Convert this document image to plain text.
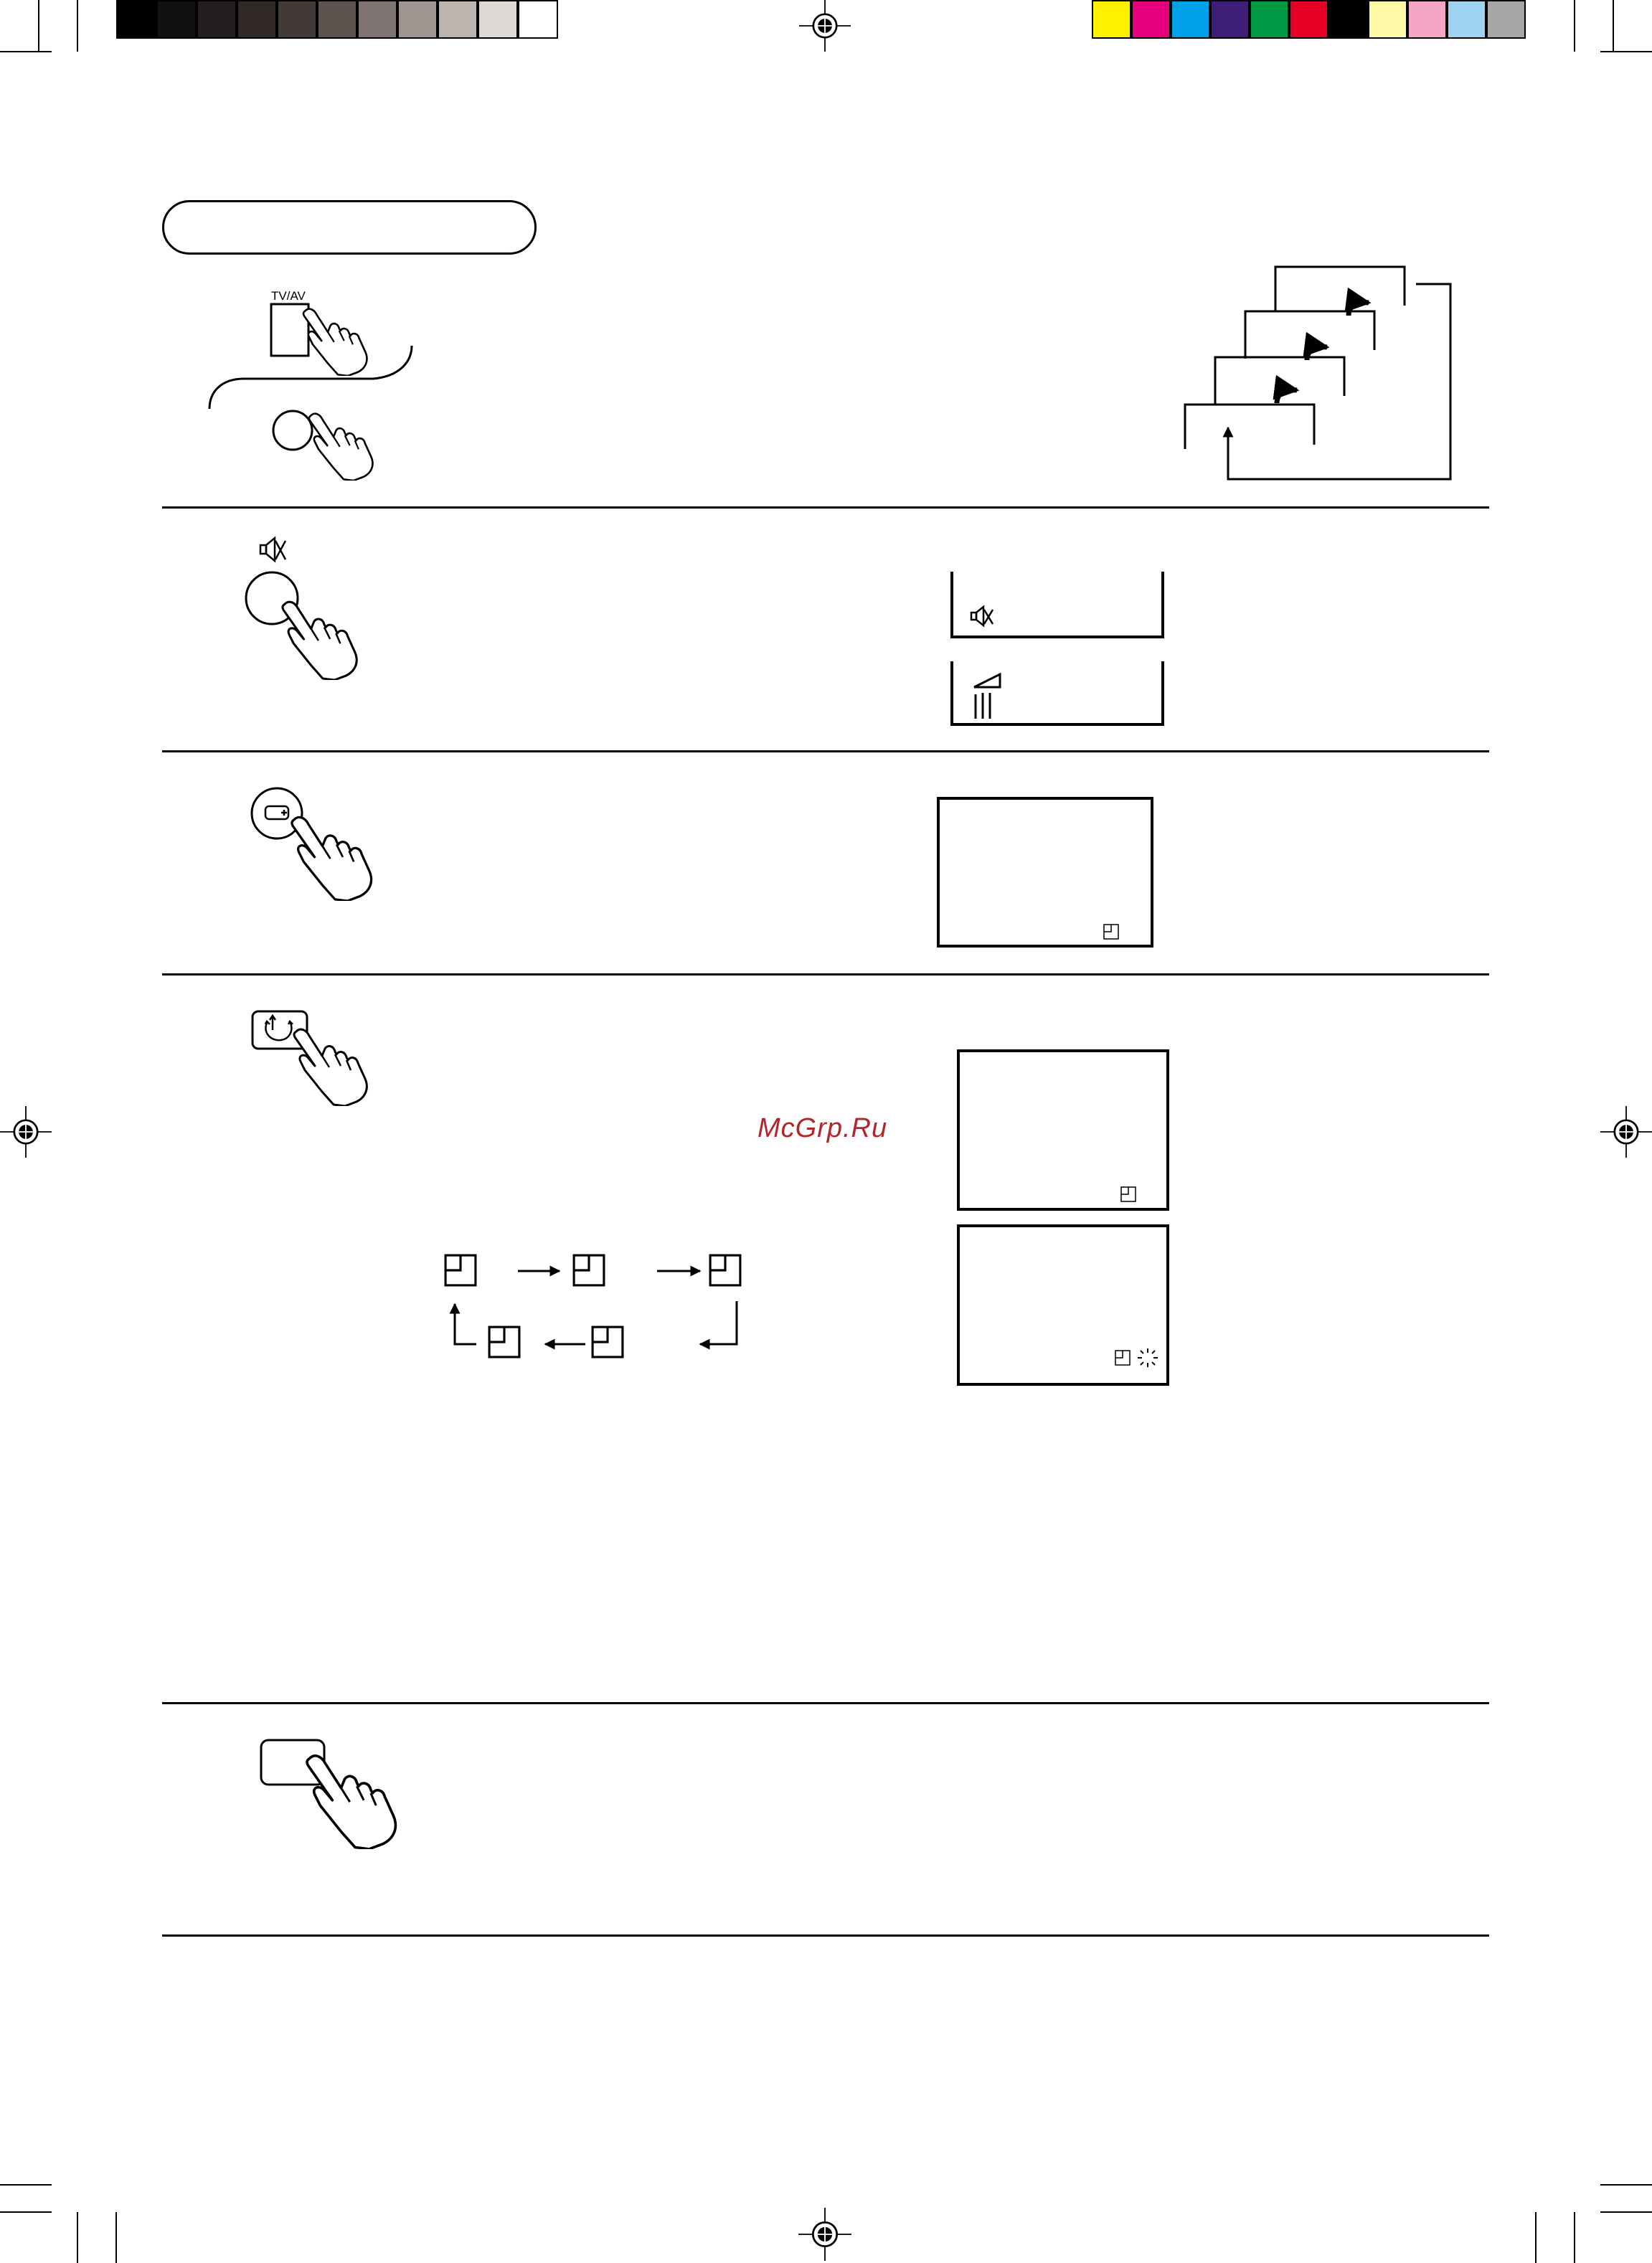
TV/AV
McGrp.Ru
